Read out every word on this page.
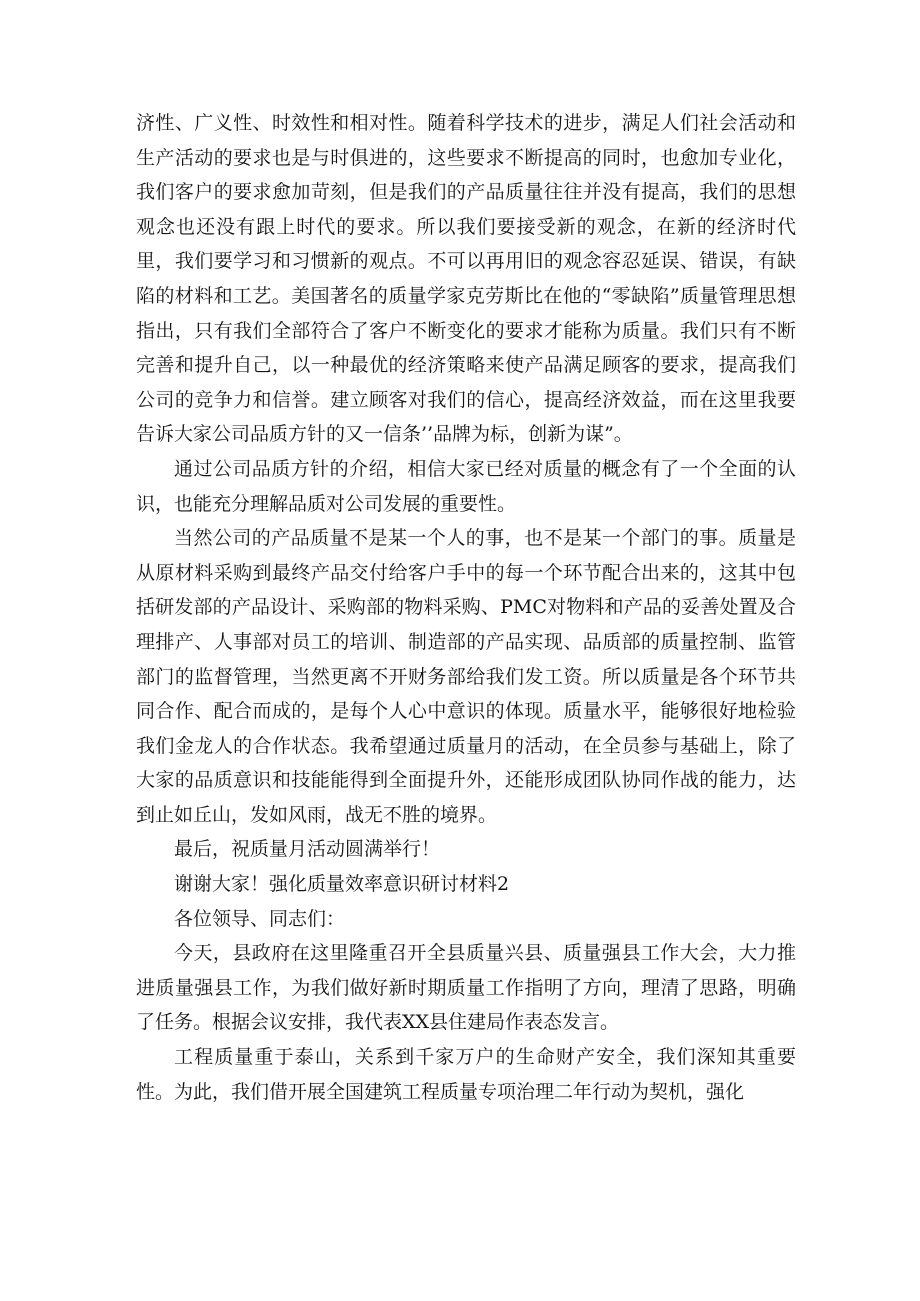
济性、广义性、时效性和相对性。随着科学技术的进步，满足人们社会活动和生产活动的要求也是与时俱进的，这些要求不断提高的同时，也愈加专业化，我们客户的要求愈加苛刻，但是我们的产品质量往往并没有提高，我们的思想观念也还没有跟上时代的要求。所以我们要接受新的观念，在新的经济时代里，我们要学习和习惯新的观点。不可以再用旧的观念容忍延误、错误，有缺陷的材料和工艺。美国著名的质量学家克劳斯比在他的“零缺陷”质量管理思想指出，只有我们全部符合了客户不断变化的要求才能称为质量。我们只有不断完善和提升自己，以一种最优的经济策略来使产品满足顾客的要求，提高我们公司的竞争力和信誉。建立顾客对我们的信心，提高经济效益，而在这里我要告诉大家公司品质方针的又一信条’’品牌为标，创新为谋”。

通过公司品质方针的介绍，相信大家已经对质量的概念有了一个全面的认识，也能充分理解品质对公司发展的重要性。

当然公司的产品质量不是某一个人的事，也不是某一个部门的事。质量是从原材料采购到最终产品交付给客户手中的每一个环节配合出来的，这其中包括研发部的产品设计、采购部的物料采购、PMC对物料和产品的妥善处置及合理排产、人事部对员工的培训、制造部的产品实现、品质部的质量控制、监管部门的监督管理，当然更离不开财务部给我们发工资。所以质量是各个环节共同合作、配合而成的，是每个人心中意识的体现。质量水平，能够很好地检验我们金龙人的合作状态。我希望通过质量月的活动，在全员参与基础上，除了大家的品质意识和技能能得到全面提升外，还能形成团队协同作战的能力，达到止如丘山，发如风雨，战无不胜的境界。

最后，祝质量月活动圆满举行！

谢谢大家！强化质量效率意识研讨材料2

各位领导、同志们：

今天，县政府在这里隆重召开全县质量兴县、质量强县工作大会，大力推进质量强县工作，为我们做好新时期质量工作指明了方向，理清了思路，明确了任务。根据会议安排，我代表XX县住建局作表态发言。

工程质量重于泰山，关系到千家万户的生命财产安全，我们深知其重要性。为此，我们借开展全国建筑工程质量专项治理二年行动为契机，强化
